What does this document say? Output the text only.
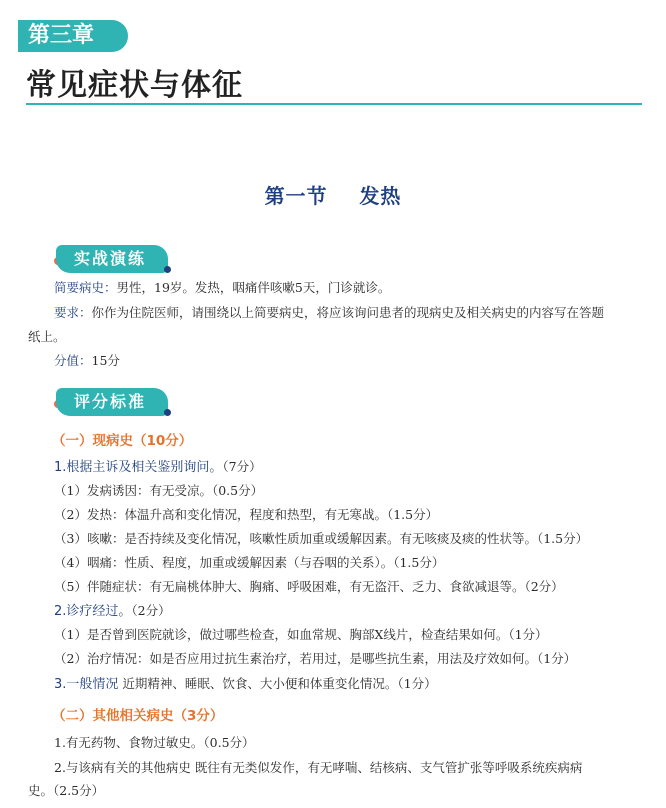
第三章
常见症状与体征
第一节    发热
实战演练
简要病史：男性，19岁。发热，咽痛伴咳嗽5天，门诊就诊。
要求：你作为住院医师，请围绕以上简要病史，将应该询问患者的现病史及相关病史的内容写在答题
纸上。
分值：15分
评分标准
（一）现病史（10分）
1.根据主诉及相关鉴别询问。（7分）
（1）发病诱因：有无受凉。（0.5分）
（2）发热：体温升高和变化情况，程度和热型，有无寒战。（1.5分）
（3）咳嗽：是否持续及变化情况，咳嗽性质加重或缓解因素。有无咳痰及痰的性状等。（1.5分）
（4）咽痛：性质、程度，加重或缓解因素（与吞咽的关系）。（1.5分）
（5）伴随症状：有无扁桃体肿大、胸痛、呼吸困难，有无盗汗、乏力、食欲减退等。（2分）
2.诊疗经过。（2分）
（1）是否曾到医院就诊，做过哪些检查，如血常规、胸部X线片，检查结果如何。（1分）
（2）治疗情况：如是否应用过抗生素治疗，若用过，是哪些抗生素，用法及疗效如何。（1分）
3.一般情况 近期精神、睡眠、饮食、大小便和体重变化情况。（1分）
（二）其他相关病史（3分）
1.有无药物、食物过敏史。（0.5分）
2.与该病有关的其他病史 既往有无类似发作，有无哮喘、结核病、支气管扩张等呼吸系统疾病病
史。（2.5分）
